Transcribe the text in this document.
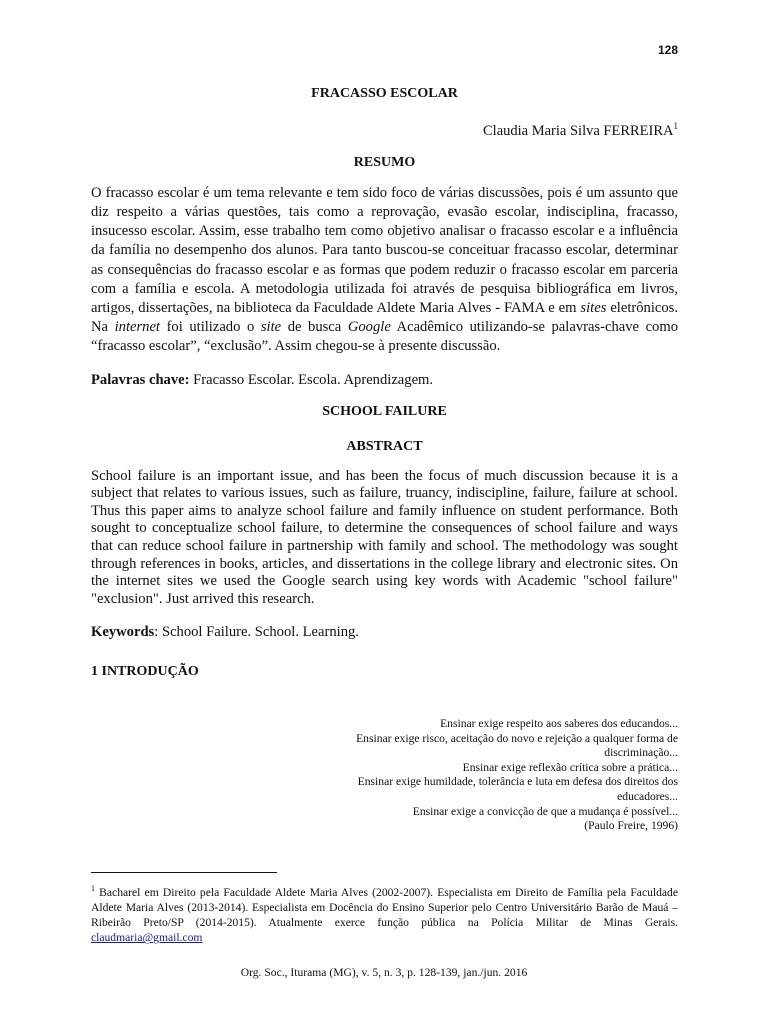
128
FRACASSO ESCOLAR
Claudia Maria Silva FERREIRA$^1$
RESUMO

O fracasso escolar é um tema relevante e tem sido foco de várias discussões, pois é um assunto que diz respeito a várias questões, tais como a reprovação, evasão escolar, indisciplina, fracasso, insucesso escolar. Assim, esse trabalho tem como objetivo analisar o fracasso escolar e a influência da família no desempenho dos alunos. Para tanto buscou-se conceituar fracasso escolar, determinar as consequências do fracasso escolar e as formas que podem reduzir o fracasso escolar em parceria com a família e escola. A metodologia utilizada foi através de pesquisa bibliográfica em livros, artigos, dissertações, na biblioteca da Faculdade Aldete Maria Alves - FAMA e em sites eletrônicos. Na internet foi utilizado o site de busca Google Acadêmico utilizando-se palavras-chave como “fracasso escolar”, “exclusão”. Assim chegou-se à presente discussão.

Palavras chave: Fracasso Escolar. Escola. Aprendizagem.
SCHOOL FAILURE
ABSTRACT

School failure is an important issue, and has been the focus of much discussion because it is a subject that relates to various issues, such as failure, truancy, indiscipline, failure, failure at school. Thus this paper aims to analyze school failure and family influence on student performance. Both sought to conceptualize school failure, to determine the consequences of school failure and ways that can reduce school failure in partnership with family and school. The methodology was sought through references in books, articles, and dissertations in the college library and electronic sites. On the internet sites we used the Google search using key words with Academic "school failure" "exclusion". Just arrived this research.

Keywords: School Failure. School. Learning.
1 INTRODUÇÃO
Ensinar exige respeito aos saberes dos educandos...
Ensinar exige risco, aceitação do novo e rejeição a qualquer forma de discriminação...
Ensinar exige reflexão crítica sobre a prática...
Ensinar exige humildade, tolerância e luta em defesa dos direitos dos educadores...
Ensinar exige a convicção de que a mudança é possível...
(Paulo Freire, 1996)
$^1$ Bacharel em Direito pela Faculdade Aldete Maria Alves (2002-2007). Especialista em Direito de Família pela Faculdade Aldete Maria Alves (2013-2014). Especialista em Docência do Ensino Superior pelo Centro Universitário Barão de Mauá – Ribeirão Preto/SP (2014-2015). Atualmente exerce função pública na Polícia Militar de Minas Gerais. claudmaria@gmail.com
Org. Soc., Iturama (MG), v. 5, n. 3, p. 128-139, jan./jun. 2016
